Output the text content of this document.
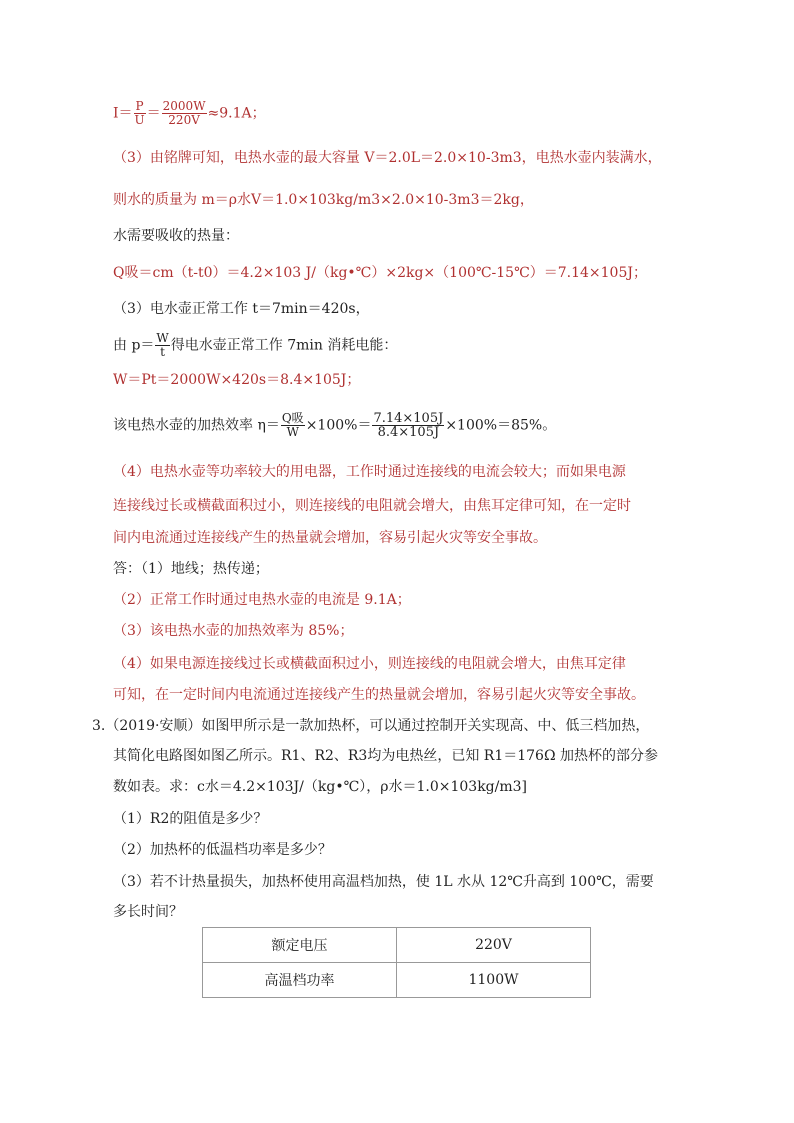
$I= \frac{P}{U} = \frac{2000W}{220V} \approx 9.1A$；
（3）由铭牌可知，电热水壶的最大容量 V＝2.0L＝2.0×10-3m3，电热水壶内装满水，
则水的质量为 m＝ρ水V＝1.0×103kg/m3×2.0×10-3m3＝2kg，
水需要吸收的热量：
Q吸＝cm（t-t0）＝4.2×103 J/（kg•℃）×2kg×（100℃-15℃）＝7.14×105J；
（3）电水壶正常工作 t＝7min＝420s，
由 $p= \frac{W}{t}$ 得电水壶正常工作 7min 消耗电能：
W＝Pt＝2000W×420s＝8.4×105J；
该电热水壶的加热效率 $\eta= \frac{\text{Q吸}}{W} \times 100\%= \frac{7.14\times 105J}{8.4\times 105J} \times 100\%=85\%$。
（4）电热水壶等功率较大的用电器，工作时通过连接线的电流会较大；而如果电源
连接线过长或横截面积过小，则连接线的电阻就会增大，由焦耳定律可知，在一定时
间内电流通过连接线产生的热量就会增加，容易引起火灾等安全事故。
答：（1）地线；热传递；
（2）正常工作时通过电热水壶的电流是 9.1A；
（3）该电热水壶的加热效率为 85%；
（4）如果电源连接线过长或横截面积过小，则连接线的电阻就会增大，由焦耳定律
可知，在一定时间内电流通过连接线产生的热量就会增加，容易引起火灾等安全事故。
3.（2019·安顺）如图甲所示是一款加热杯，可以通过控制开关实现高、中、低三档加热，
其简化电路图如图乙所示。R1、R2、R3均为电热丝，已知 R1＝176Ω 加热杯的部分参
数如表。求：c水＝4.2×103J/（kg•℃），ρ水＝1.0×103kg/m3]
（1）R2的阻值是多少？
（2）加热杯的低温档功率是多少？
（3）若不计热量损失，加热杯使用高温档加热，使 1L 水从 12℃升高到 100℃，需要
多长时间？
额定电压	220V
高温档功率	1100W
